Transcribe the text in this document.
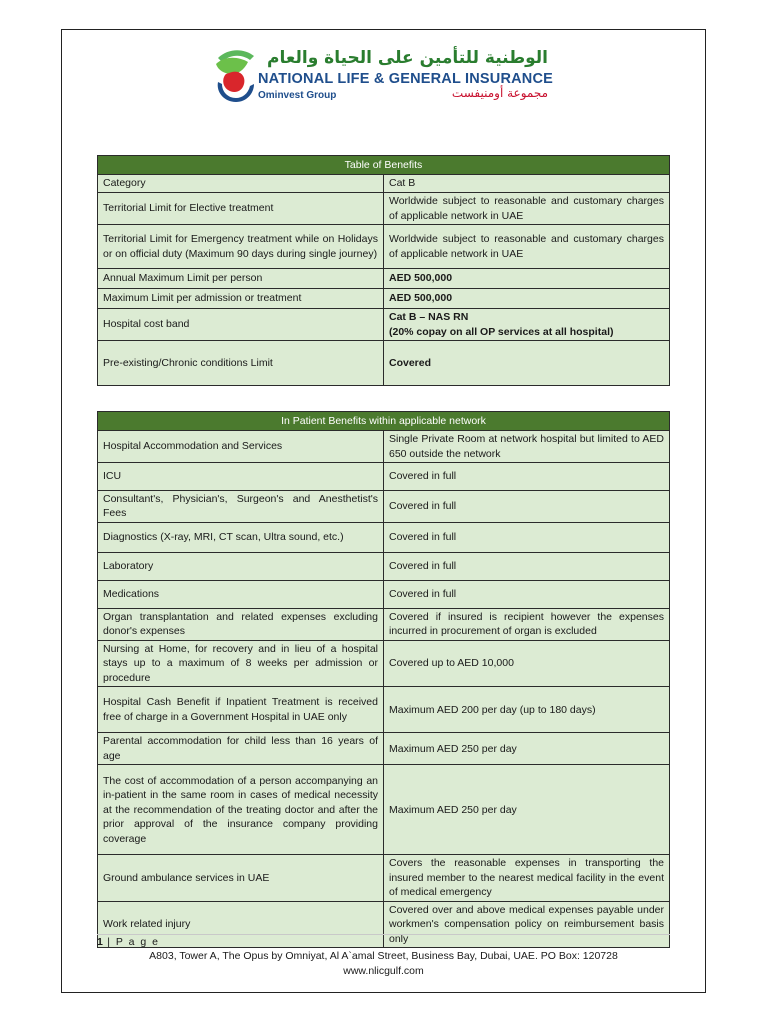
الوطنية للتأمين على الحياة والعام
NATIONAL LIFE & GENERAL INSURANCE
Ominvest Group	مجموعة أومنيفست
Table of Benefits	
Category	Cat B
Territorial Limit for Elective treatment	Worldwide subject to reasonable and customary charges of applicable network in UAE
Territorial Limit for Emergency treatment while on Holidays or on official duty (Maximum 90 days during single journey)	Worldwide subject to reasonable and customary charges of applicable network in UAE
Annual Maximum Limit per person	AED 500,000
Maximum Limit per admission or treatment	AED 500,000
Hospital cost band	Cat B – NAS RN
(20% copay on all OP services at all hospital)

Pre-existing/Chronic conditions Limit	Covered
In Patient Benefits within applicable network	
Hospital Accommodation and Services	Single Private Room at network hospital but limited to AED 650 outside the network
ICU	Covered in full
Consultant's, Physician's, Surgeon's and Anesthetist's Fees	Covered in full
Diagnostics (X-ray, MRI, CT scan, Ultra sound, etc.)	Covered in full
Laboratory	Covered in full
Medications	Covered in full
Organ transplantation and related expenses excluding donor's expenses	Covered if insured is recipient however the expenses incurred in procurement of organ is excluded
Nursing at Home, for recovery and in lieu of a hospital stays up to a maximum of 8 weeks per admission or procedure	Covered up to AED 10,000
Hospital Cash Benefit if Inpatient Treatment is received free of charge in a Government Hospital in UAE only	Maximum AED 200 per day (up to 180 days)
Parental accommodation for child less than 16 years of age	Maximum AED 250 per day
The cost of accommodation of a person accompanying an in-patient in the same room in cases of medical necessity at the recommendation of the treating doctor and after the prior approval of the insurance company providing coverage	Maximum AED 250 per day
Ground ambulance services in UAE	Covers the reasonable expenses in transporting the insured member to the nearest medical facility in the event of medical emergency
Work related injury	Covered over and above medical expenses payable under workmen's compensation policy on reimbursement basis only
1 | P a g e
A803, Tower A, The Opus by Omniyat, Al A`amal Street, Business Bay, Dubai, UAE. PO Box: 120728
www.nlicgulf.com
